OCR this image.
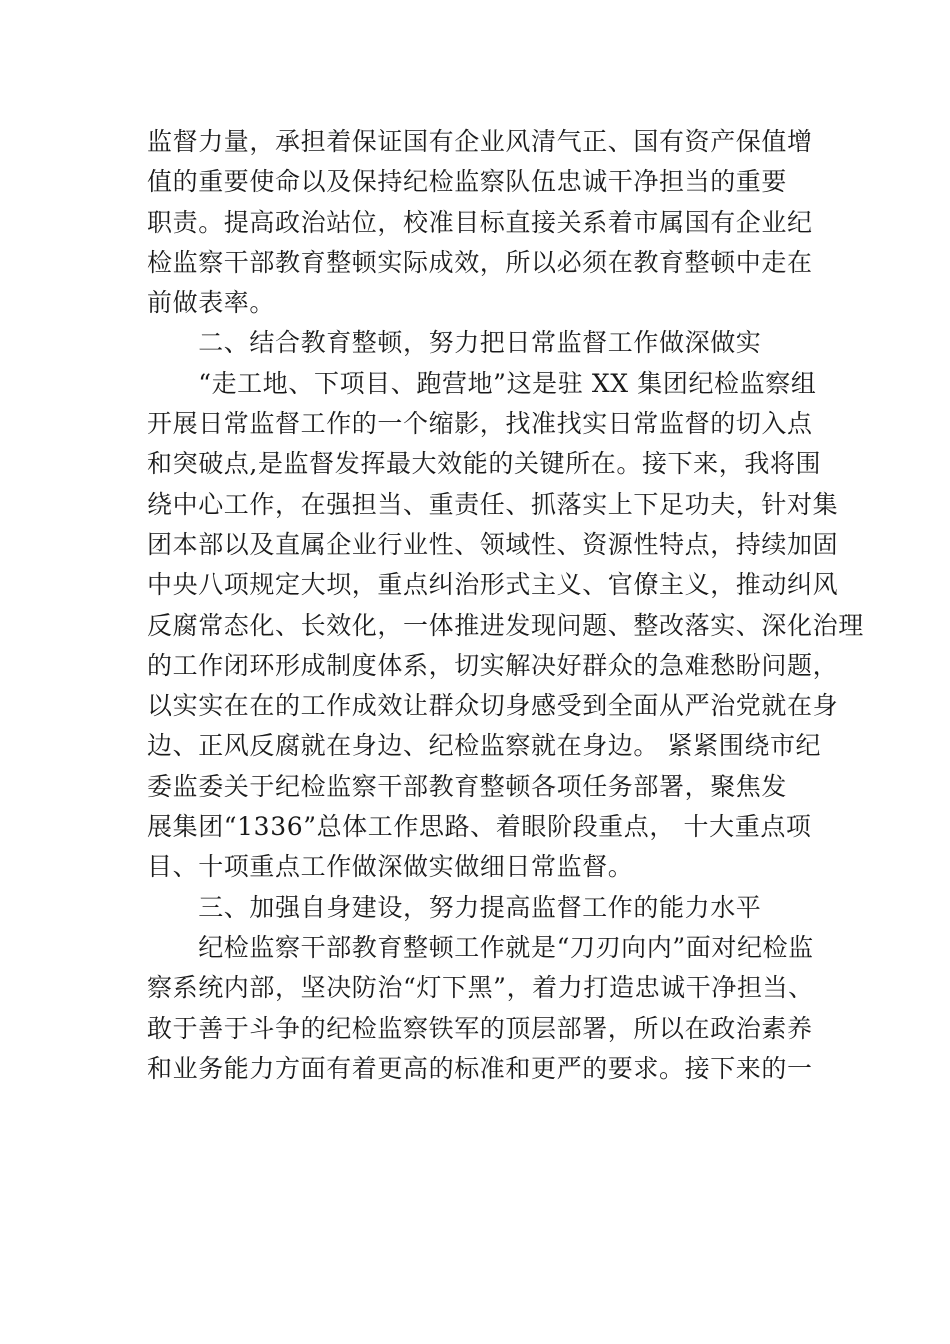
监督力量，承担着保证国有企业风清气正、国有资产保值增
值的重要使命以及保持纪检监察队伍忠诚干净担当的重要
职责。提高政治站位，校准目标直接关系着市属国有企业纪
检监察干部教育整顿实际成效，所以必须在教育整顿中走在
前做表率。
　　二、结合教育整顿，努力把日常监督工作做深做实
　　“走工地、下项目、跑营地”这是驻 XX 集团纪检监察组
开展日常监督工作的一个缩影，找准找实日常监督的切入点
和突破点,是监督发挥最大效能的关键所在。接下来，我将围
绕中心工作，在强担当、重责任、抓落实上下足功夫，针对集
团本部以及直属企业行业性、领域性、资源性特点，持续加固
中央八项规定大坝，重点纠治形式主义、官僚主义，推动纠风
反腐常态化、长效化，一体推进发现问题、整改落实、深化治理
的工作闭环形成制度体系，切实解决好群众的急难愁盼问题，
以实实在在的工作成效让群众切身感受到全面从严治党就在身
边、正风反腐就在身边、纪检监察就在身边。 紧紧围绕市纪
委监委关于纪检监察干部教育整顿各项任务部署，聚焦发
展集团“1336”总体工作思路、着眼阶段重点， 十大重点项
目、十项重点工作做深做实做细日常监督。
　　三、加强自身建设，努力提高监督工作的能力水平
　　纪检监察干部教育整顿工作就是“刀刃向内”面对纪检监
察系统内部，坚决防治“灯下黑”，着力打造忠诚干净担当、
敢于善于斗争的纪检监察铁军的顶层部署，所以在政治素养
和业务能力方面有着更高的标准和更严的要求。接下来的一
